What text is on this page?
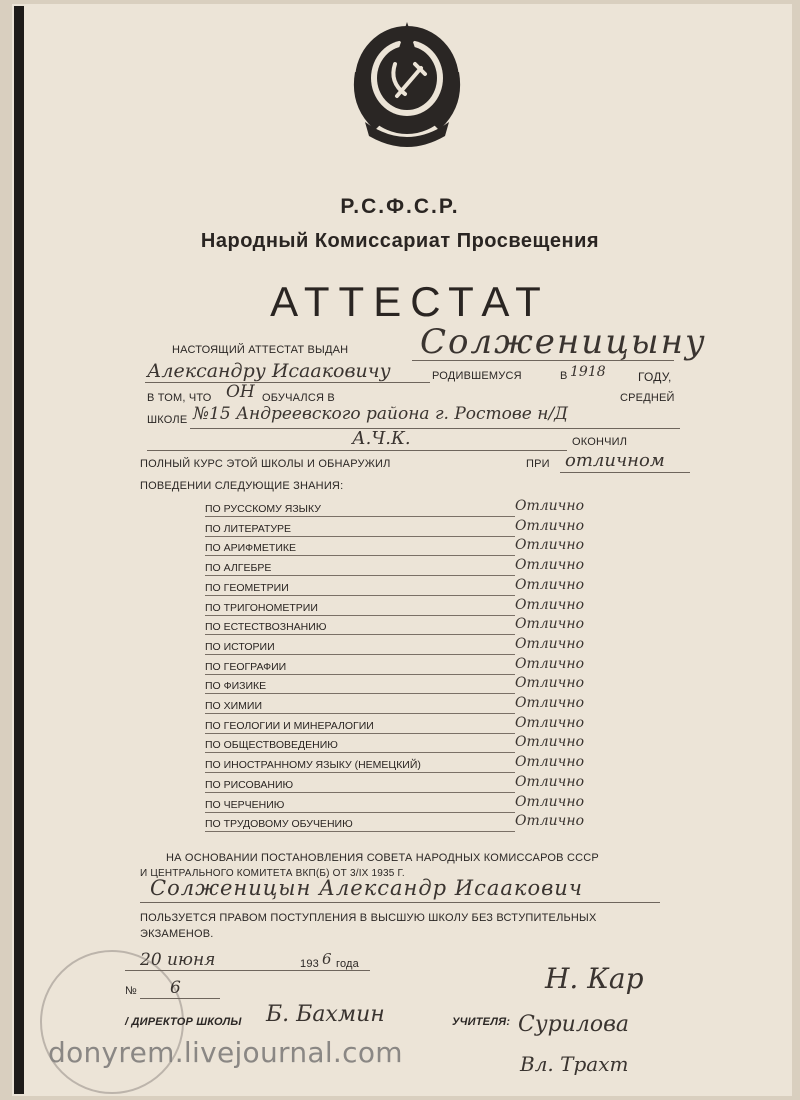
Р.С.Ф.С.Р.
Народный Комиссариат Просвещения
АТТЕСТАТ
НАСТОЯЩИЙ АТТЕСТАТ ВЫДАН Солженицыну
Александру Исааковичу	РОДИВШЕМУСЯ	В 1918	ГОДУ,
В ТОМ, ЧТО ОН ОБУЧАЛСЯ В	СРЕДНЕЙ
ШКОЛЕ №15 Андреевского района г. Ростове н/Д
А.Ч.К.	ОКОНЧИЛ
ПОЛНЫЙ КУРС ЭТОЙ ШКОЛЫ И ОБНАРУЖИЛ	ПРИ отличном
ПОВЕДЕНИИ СЛЕДУЮЩИЕ ЗНАНИЯ:
ПО РУССКОМУ ЯЗЫКУ	Отлично
ПО ЛИТЕРАТУРЕ	Отлично
ПО АРИФМЕТИКЕ	Отлично
ПО АЛГЕБРЕ	Отлично
ПО ГЕОМЕТРИИ	Отлично
ПО ТРИГОНОМЕТРИИ	Отлично
ПО ЕСТЕСТВОЗНАНИЮ	Отлично
ПО ИСТОРИИ	Отлично
ПО ГЕОГРАФИИ	Отлично
ПО ФИЗИКЕ	Отлично
ПО ХИМИИ	Отлично
ПО ГЕОЛОГИИ И МИНЕРАЛОГИИ	Отлично
ПО ОБЩЕСТВОВЕДЕНИЮ	Отлично
ПО ИНОСТРАННОМУ ЯЗЫКУ (НЕМЕЦКИЙ)	Отлично
ПО РИСОВАНИЮ	Отлично
ПО ЧЕРЧЕНИЮ	Отлично
ПО ТРУДОВОМУ ОБУЧЕНИЮ	Отлично
НА ОСНОВАНИИ ПОСТАНОВЛЕНИЯ СОВЕТА НАРОДНЫХ КОМИССАРОВ СССР
И ЦЕНТРАЛЬНОГО КОМИТЕТА ВКП(Б) ОТ 3/IX 1935 Г.
Солженицын Александр Исаакович
ПОЛЬЗУЕТСЯ ПРАВОМ ПОСТУПЛЕНИЯ В ВЫСШУЮ ШКОЛУ БЕЗ ВСТУПИТЕЛЬНЫХ
ЭКЗАМЕНОВ.
20 июня	193 6 года
№ 6
/ ДИРЕКТОР ШКОЛЫ Б. Бахмин	УЧИТЕЛЯ:
Н. Кар
Сурилова
Вл. Трахт
donyrem.livejournal.com
